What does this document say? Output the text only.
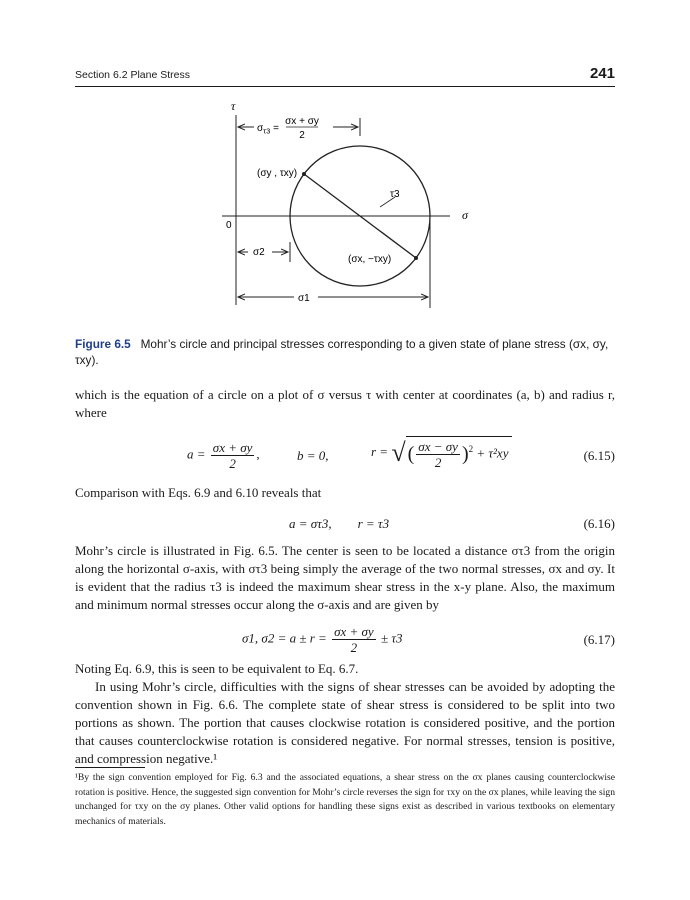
Section 6.2 Plane Stress	241
τ
σ
0
$\sigma_{\tau 3}$ =
σx + σy
2
(σy , τxy)
τ3
(σx, −τxy)
σ2
σ1
Figure 6.5 Mohr’s circle and principal stresses corresponding to a given state of plane stress (σx, σy, τxy).
which is the equation of a circle on a plot of σ versus τ with center at coordinates (a, b) and radius r, where
$a = \frac{\sigma x + \sigma y}{2}$ ,	b = 0,	r = √ ( $\frac{\sigma x - \sigma y}{2} )^2 + \tau^2xy$	(6.15)
Comparison with Eqs. 6.9 and 6.10 reveals that
a = στ3,        r = τ3	(6.16)
Mohr’s circle is illustrated in Fig. 6.5. The center is seen to be located a distance στ3 from the origin along the horizontal σ-axis, with στ3 being simply the average of the two normal stresses, σx and σy. It is evident that the radius τ3 is indeed the maximum shear stress in the x-y plane. Also, the maximum and minimum normal stresses occur along the σ-axis and are given by
σ1, $\sigma 2 = a \pm r = \frac{\sigma x + \sigma y}{2} \pm \tau 3$	(6.17)
Noting Eq. 6.9, this is seen to be equivalent to Eq. 6.7.
In using Mohr’s circle, difficulties with the signs of shear stresses can be avoided by adopting the convention shown in Fig. 6.6. The complete state of shear stress is considered to be split into two portions as shown. The portion that causes clockwise rotation is considered positive, and the portion that causes counterclockwise rotation is considered negative. For normal stresses, tension is positive, and compression negative.¹
¹By the sign convention employed for Fig. 6.3 and the associated equations, a shear stress on the σx planes causing counterclockwise rotation is positive. Hence, the suggested sign convention for Mohr’s circle reverses the sign for τxy on the σx planes, while leaving the sign unchanged for τxy on the σy planes. Other valid options for handling these signs exist as described in various textbooks on elementary mechanics of materials.
